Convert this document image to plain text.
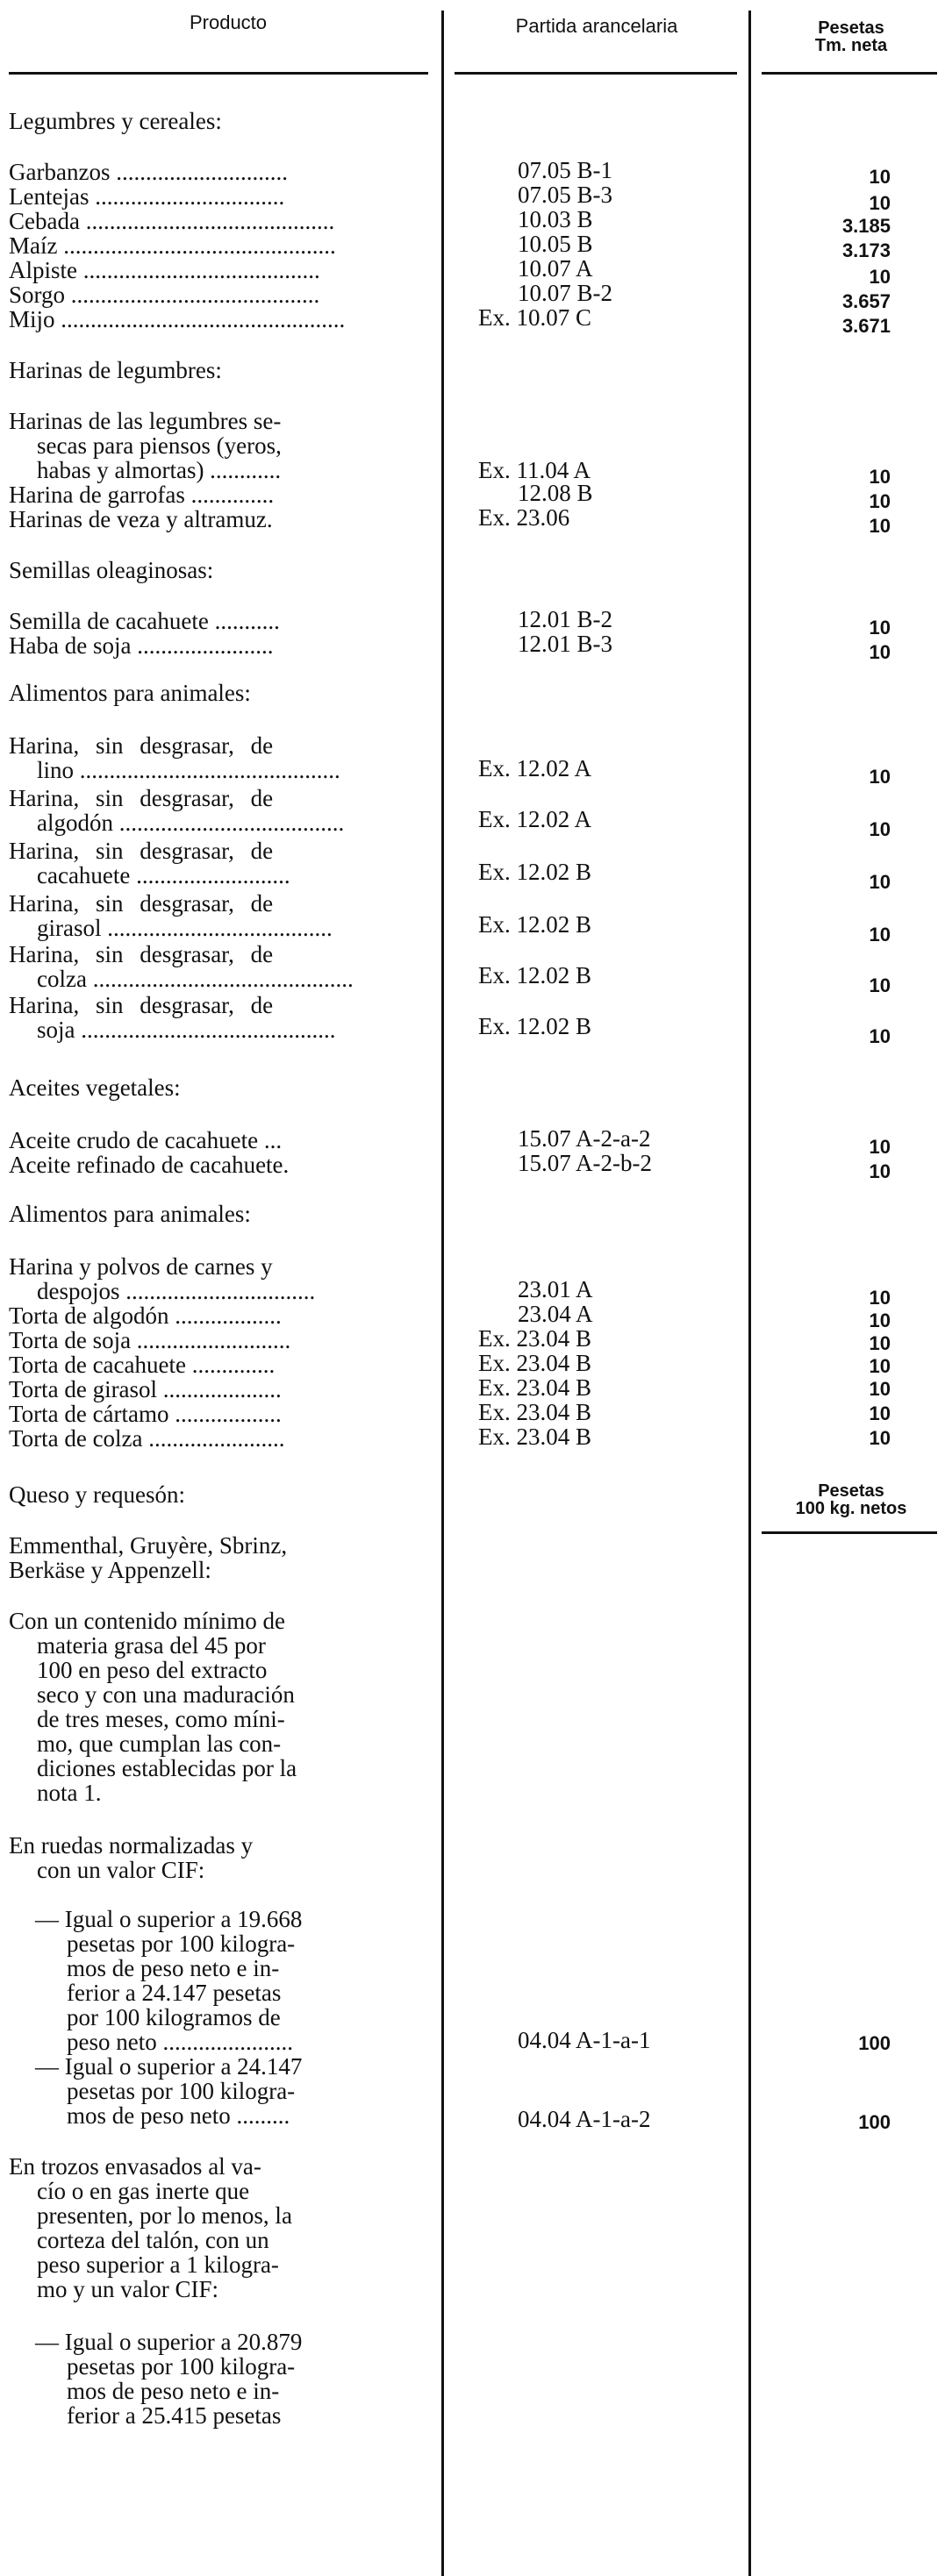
Producto	Partida arancelaria	Pesetas
Tm. neta
Legumbres y cereales:
Garbanzos .............................	07.05 B-1	10
Lentejas ................................	07.05 B-3	10
Cebada ..........................................	10.03 B	3.185
Maíz ..............................................	10.05 B	3.173
Alpiste ........................................	10.07 A	10
Sorgo ..........................................	10.07 B-2	3.657
Mijo ................................................	Ex. 10.07 C	3.671
Harinas de legumbres:
Harinas de las legumbres se-
secas para piensos (yeros,
habas y almortas) ............	Ex. 11.04 A	10
Harina de garrofas ..............	12.08 B	10
Harinas de veza y altramuz.	Ex. 23.06	10
Semillas oleaginosas:
Semilla de cacahuete ...........	12.01 B-2	10
Haba de soja .......................	12.01 B-3	10
Alimentos para animales:
Harina, sin desgrasar, de
lino ............................................	Ex. 12.02 A	10
Harina, sin desgrasar, de
algodón ......................................	Ex. 12.02 A	10
Harina, sin desgrasar, de
cacahuete ..........................	Ex. 12.02 B	10
Harina, sin desgrasar, de
girasol ......................................	Ex. 12.02 B	10
Harina, sin desgrasar, de
colza ............................................	Ex. 12.02 B	10
Harina, sin desgrasar, de
soja ...........................................	Ex. 12.02 B	10
Aceites vegetales:
Aceite crudo de cacahuete ...	15.07 A-2-a-2	10
Aceite refinado de cacahuete.	15.07 A-2-b-2	10
Alimentos para animales:
Harina y polvos de carnes y
despojos ................................	23.01 A	10
Torta de algodón ..................	23.04 A	10
Torta de soja ..........................	Ex. 23.04 B	10
Torta de cacahuete ..............	Ex. 23.04 B	10
Torta de girasol ....................	Ex. 23.04 B	10
Torta de cártamo ..................	Ex. 23.04 B	10
Torta de colza .......................	Ex. 23.04 B	10
Queso y requesón:	Pesetas
100 kg. netos
Emmenthal, Gruyère, Sbrinz,
Berkäse y Appenzell:
Con un contenido mínimo de
materia grasa del 45 por
100 en peso del extracto
seco y con una maduración
de tres meses, como míni-
mo, que cumplan las con-
diciones establecidas por la
nota 1.
En ruedas normalizadas y
con un valor CIF:
— Igual o superior a 19.668
pesetas por 100 kilogra-
mos de peso neto e in-
ferior a 24.147 pesetas
por 100 kilogramos de
peso neto ......................	04.04 A-1-a-1	100
— Igual o superior a 24.147
pesetas por 100 kilogra-
mos de peso neto .........	04.04 A-1-a-2	100
En trozos envasados al va-
cío o en gas inerte que
presenten, por lo menos, la
corteza del talón, con un
peso superior a 1 kilogra-
mo y un valor CIF:
— Igual o superior a 20.879
pesetas por 100 kilogra-
mos de peso neto e in-
ferior a 25.415 pesetas
